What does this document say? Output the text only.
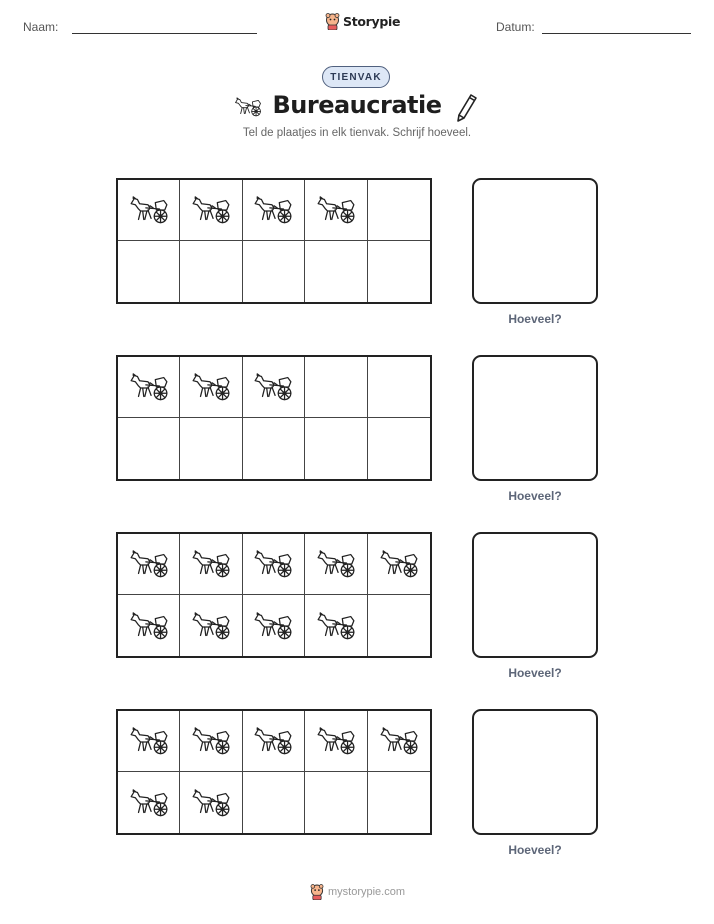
Naam:	Storypie	Datum:
TIENVAK
Bureaucratie
Tel de plaatjes in elk tienvak. Schrijf hoeveel.
Hoeveel?
Hoeveel?
Hoeveel?
Hoeveel?
mystorypie.com
